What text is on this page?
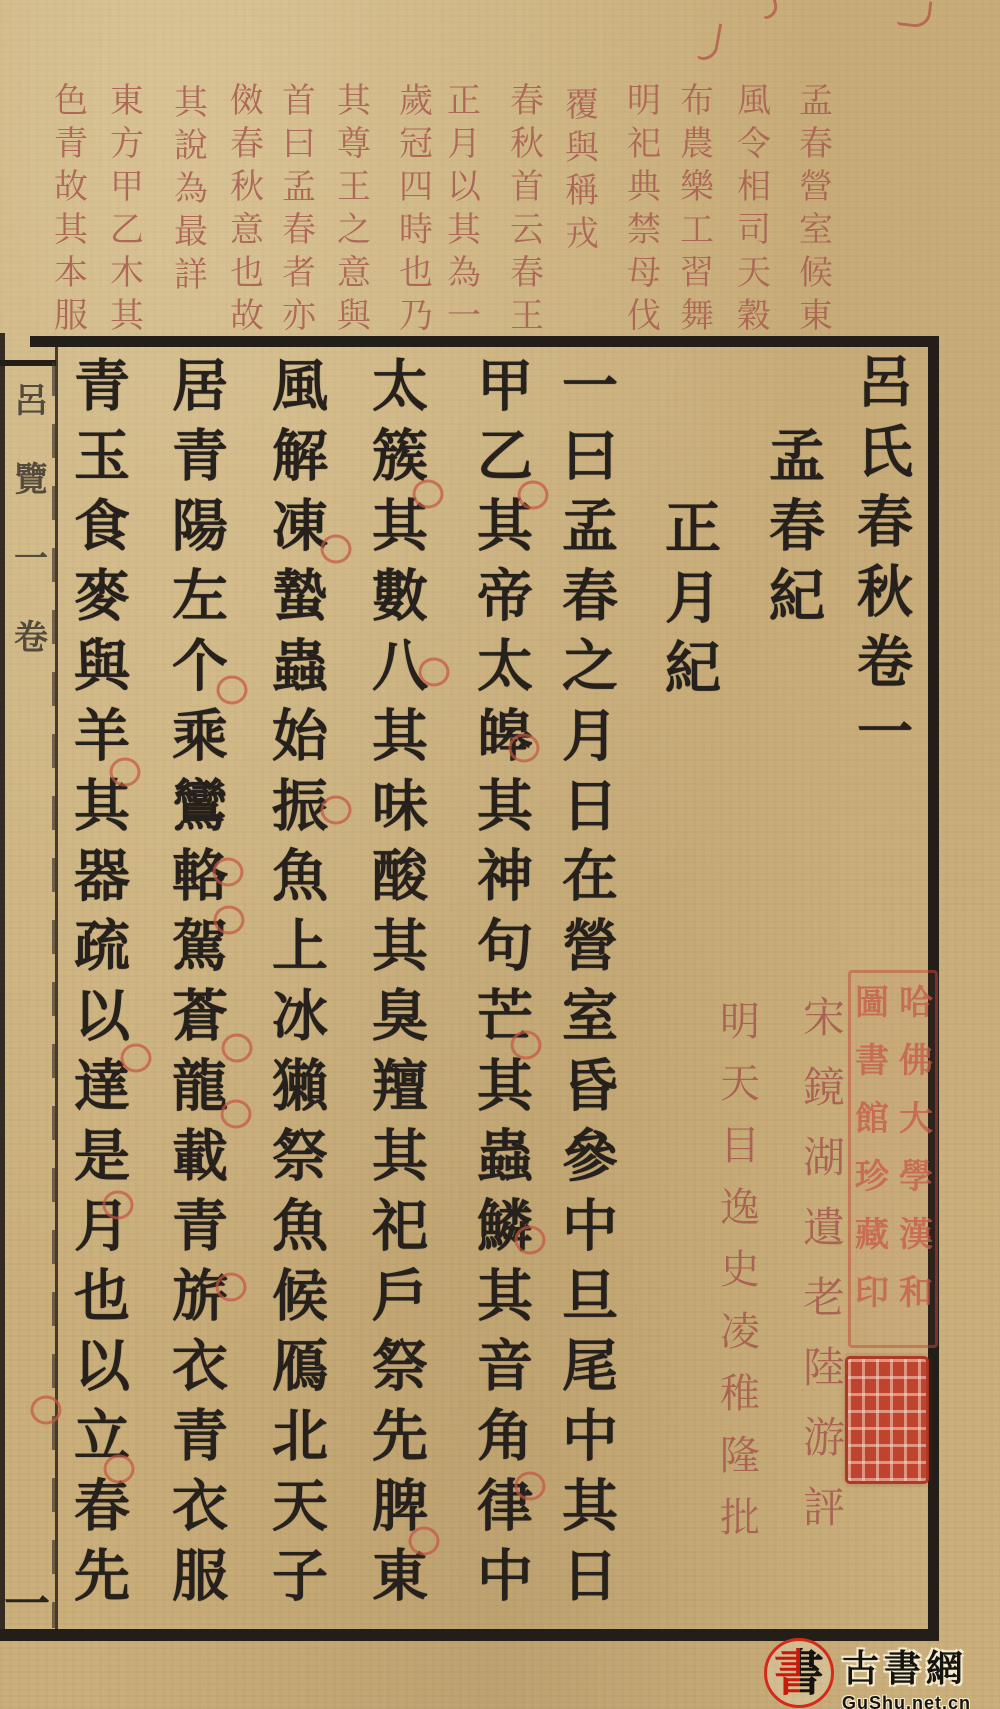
呂覽一卷
一
孟春營室候東
風令相司天穀
布農樂工習舞
明祀典禁母伐
覆與稱戎
春秋首云春王
正月以其為一
歲冠四時也乃
其尊王之意與
首曰孟春者亦
傚春秋意也故
其說為最詳
東方甲乙木其
色青故其本服
呂氏春秋卷一
孟春紀
正月紀
一曰孟春之月日在營室昏參中旦尾中其日
甲乙其帝太皞其神句芒其蟲鱗其音角律中
太簇其數八其味酸其臭羶其祀戶祭先脾東
風解凍蟄蟲始振魚上冰獺祭魚候鴈北天子
居青陽左个乘鸞輅駕蒼龍載青旂衣青衣服
青玉食麥與羊其器疏以達是月也以立春先	宋鏡湖遺老陸游評
明天目逸史凌稚隆批	哈佛大學漢和
圖書館珍藏印
書 古書網
GuShu.net.cn
